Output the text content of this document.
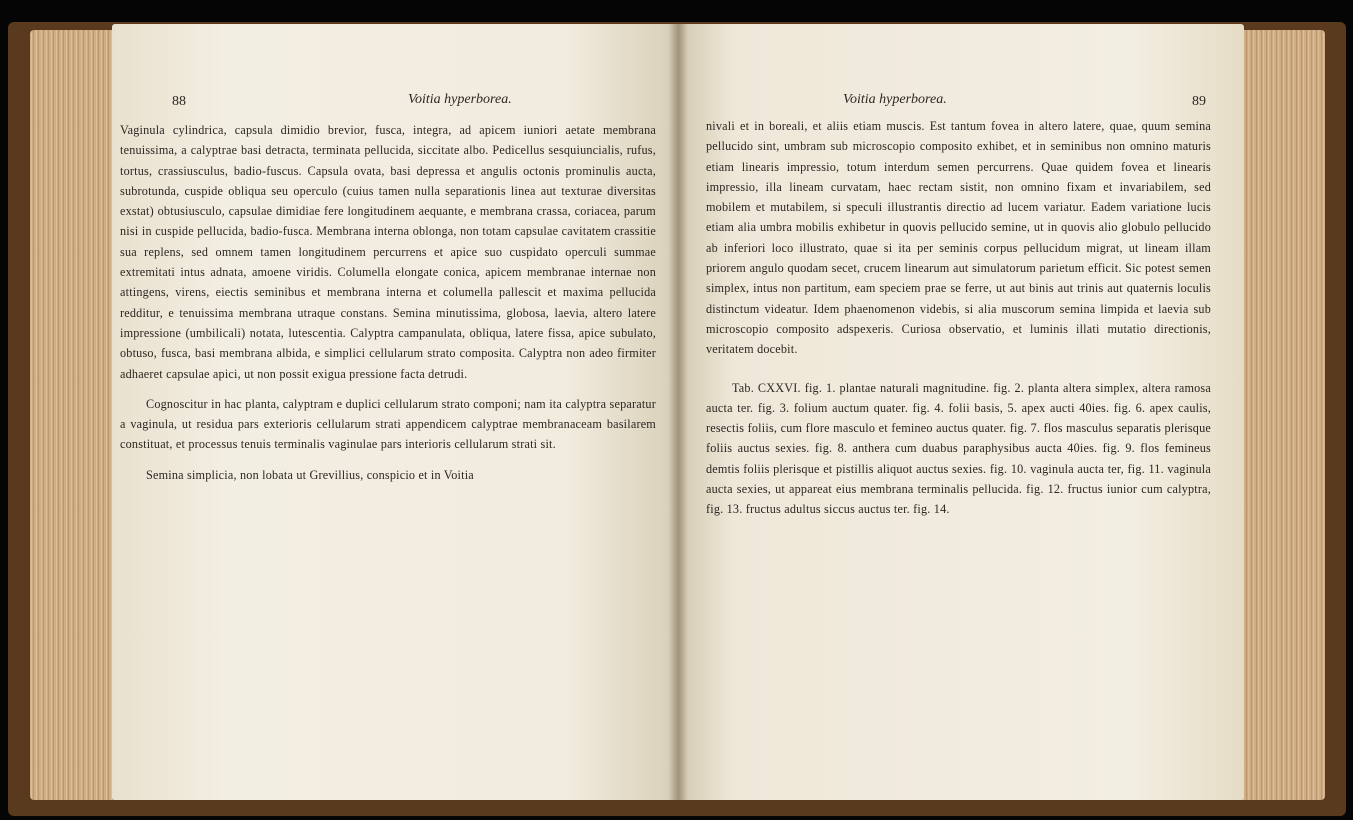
88	Voitia hyperborea.

Vaginula cylindrica, capsula dimidio brevior, fusca, integra, ad apicem iuniori aetate membrana tenuissima, a calyptrae basi detracta, terminata pellucida, siccitate albo. Pedicellus sesquiuncialis, rufus, tortus, crassiusculus, badio-fuscus. Capsula ovata, basi depressa et angulis octonis prominulis aucta, subrotunda, cuspide obliqua seu operculo (cuius tamen nulla separationis linea aut texturae diversitas exstat) obtusiusculo, capsulae dimidiae fere longitudinem aequante, e membrana crassa, coriacea, parum nisi in cuspide pellucida, badio-fusca. Membrana interna oblonga, non totam capsulae cavitatem crassitie sua replens, sed omnem tamen longitudinem percurrens et apice suo cuspidato operculi summae extremitati intus adnata, amoene viridis. Columella elongate conica, apicem membranae internae non attingens, virens, eiectis seminibus et membrana interna et columella pallescit et maxima pellucida redditur, e tenuissima membrana utraque constans. Semina minutissima, globosa, laevia, altero latere impressione (umbilicali) notata, lutescentia. Calyptra campanulata, obliqua, latere fissa, apice subulato, obtuso, fusca, basi membrana albida, e simplici cellularum strato composita. Calyptra non adeo firmiter adhaeret capsulae apici, ut non possit exigua pressione facta detrudi.

Cognoscitur in hac planta, calyptram e duplici cellularum strato componi; nam ita calyptra separatur a vaginula, ut residua pars exterioris cellularum strati appendicem calyptrae membranaceam basilarem constituat, et processus tenuis terminalis vaginulae pars interioris cellularum strati sit.

Semina simplicia, non lobata ut Grevillius, conspicio et in Voitia

Voitia hyperborea.	89

nivali et in boreali, et aliis etiam muscis. Est tantum fovea in altero latere, quae, quum semina pellucido sint, umbram sub microscopio composito exhibet, et in seminibus non omnino maturis etiam linearis impressio, totum interdum semen percurrens. Quae quidem fovea et linearis impressio, illa lineam curvatam, haec rectam sistit, non omnino fixam et invariabilem, sed mobilem et mutabilem, si speculi illustrantis directio ad lucem variatur. Eadem variatione lucis etiam alia umbra mobilis exhibetur in quovis pellucido semine, ut in quovis alio globulo pellucido ab inferiori loco illustrato, quae si ita per seminis corpus pellucidum migrat, ut lineam illam priorem angulo quodam secet, crucem linearum aut simulatorum parietum efficit. Sic potest semen simplex, intus non partitum, eam speciem prae se ferre, ut aut binis aut trinis aut quaternis loculis distinctum videatur. Idem phaenomenon videbis, si alia muscorum semina limpida et laevia sub microscopio composito adspexeris. Curiosa observatio, et luminis illati mutatio directionis, veritatem docebit.

Tab. CXXVI. fig. 1. plantae naturali magnitudine. fig. 2. planta altera simplex, altera ramosa aucta ter. fig. 3. folium auctum quater. fig. 4. folii basis, 5. apex aucti 40ies. fig. 6. apex caulis, resectis foliis, cum flore masculo et femineo auctus quater. fig. 7. flos masculus separatis plerisque foliis auctus sexies. fig. 8. anthera cum duabus paraphysibus aucta 40ies. fig. 9. flos femineus demtis foliis plerisque et pistillis aliquot auctus sexies. fig. 10. vaginula aucta ter, fig. 11. vaginula aucta sexies, ut appareat eius membrana terminalis pellucida. fig. 12. fructus iunior cum calyptra, fig. 13. fructus adultus siccus auctus ter. fig. 14.
